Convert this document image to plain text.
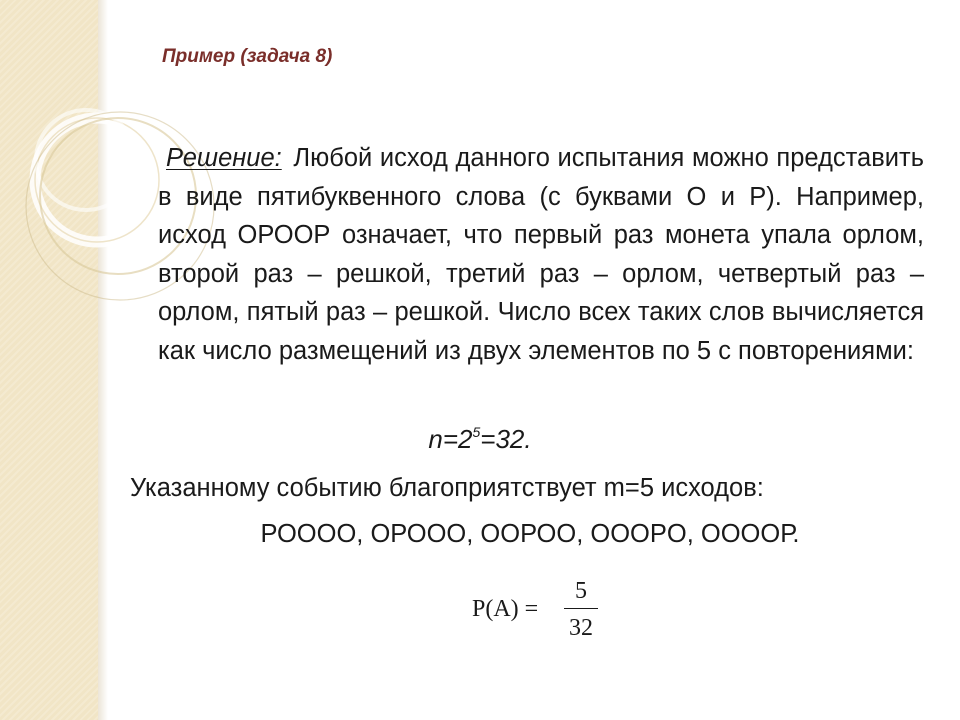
Пример (задача 8)
Решение: Любой исход данного испытания можно представить в виде пятибуквенного слова (с буквами О и Р). Например, исход ОРООР означает, что первый раз монета упала орлом, второй раз – решкой, третий раз – орлом, четвертый раз – орлом, пятый раз – решкой. Число всех таких слов вычисляется как число размещений из двух элементов по 5 с повторениями:
$n=2^5=32$.
Указанному событию благоприятствует m=5 исходов:
РОООО, ОРООО, ООРОО, OOOPO, ООООР.
P(A) =
5
32
